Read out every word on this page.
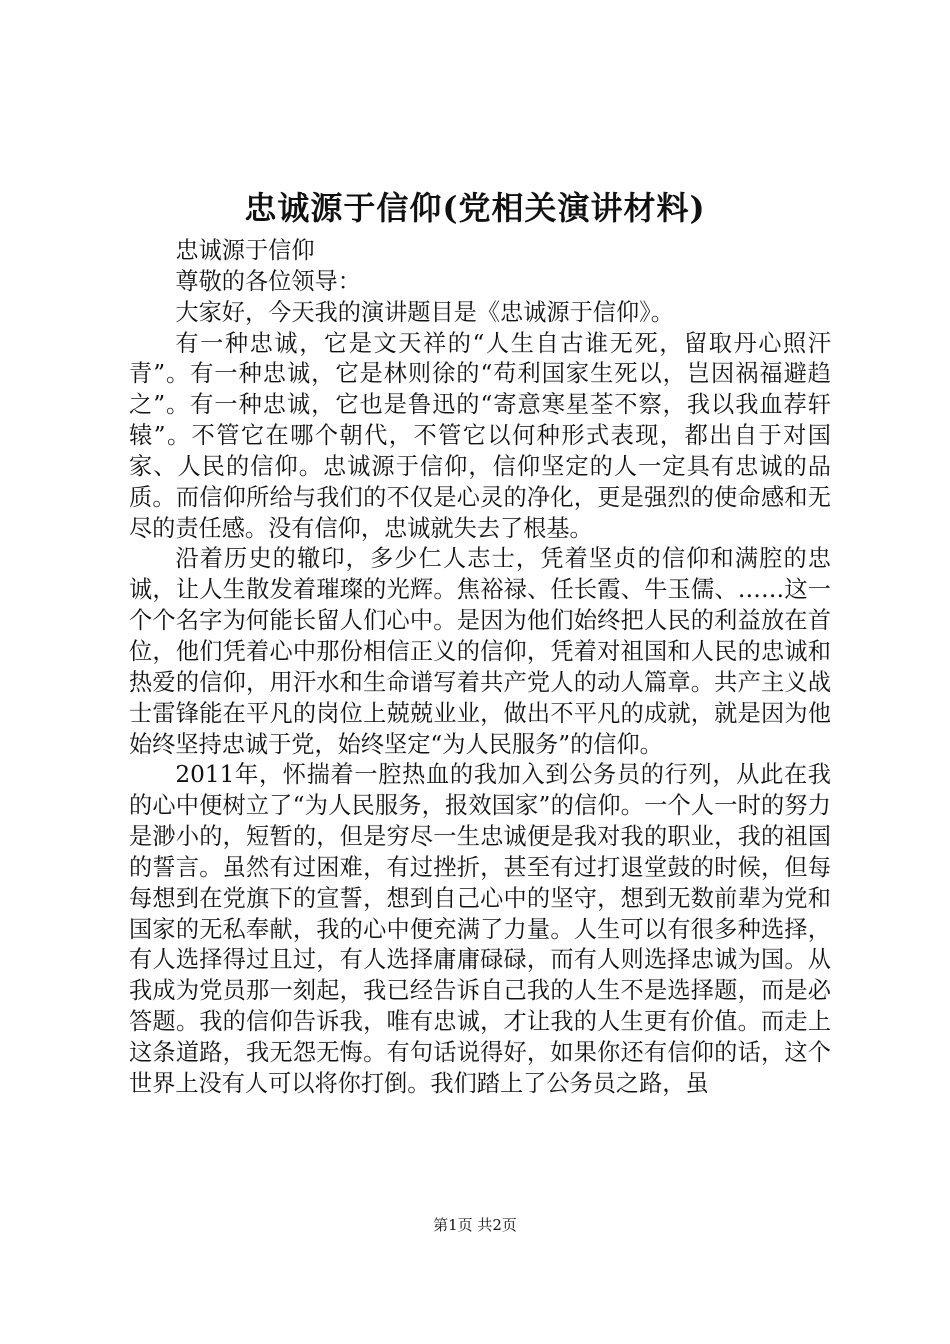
忠诚源于信仰(党相关演讲材料)

忠诚源于信仰

尊敬的各位领导：

大家好，今天我的演讲题目是《忠诚源于信仰》。

有一种忠诚，它是文天祥的“人生自古谁无死，留取丹心照汗青”。有一种忠诚，它是林则徐的“苟利国家生死以，岂因祸福避趋之”。有一种忠诚，它也是鲁迅的“寄意寒星荃不察，我以我血荐轩辕”。不管它在哪个朝代，不管它以何种形式表现，都出自于对国家、人民的信仰。忠诚源于信仰，信仰坚定的人一定具有忠诚的品质。而信仰所给与我们的不仅是心灵的净化，更是强烈的使命感和无尽的责任感。没有信仰，忠诚就失去了根基。

沿着历史的辙印，多少仁人志士，凭着坚贞的信仰和满腔的忠诚，让人生散发着璀璨的光辉。焦裕禄、任长霞、牛玉儒、……这一个个名字为何能长留人们心中。是因为他们始终把人民的利益放在首位，他们凭着心中那份相信正义的信仰，凭着对祖国和人民的忠诚和热爱的信仰，用汗水和生命谱写着共产党人的动人篇章。共产主义战士雷锋能在平凡的岗位上兢兢业业，做出不平凡的成就，就是因为他始终坚持忠诚于党，始终坚定“为人民服务”的信仰。

2011年，怀揣着一腔热血的我加入到公务员的行列，从此在我的心中便树立了“为人民服务，报效国家”的信仰。一个人一时的努力是渺小的，短暂的，但是穷尽一生忠诚便是我对我的职业，我的祖国的誓言。虽然有过困难，有过挫折，甚至有过打退堂鼓的时候，但每每想到在党旗下的宣誓，想到自己心中的坚守，想到无数前辈为党和国家的无私奉献，我的心中便充满了力量。人生可以有很多种选择，有人选择得过且过，有人选择庸庸碌碌，而有人则选择忠诚为国。从我成为党员那一刻起，我已经告诉自己我的人生不是选择题，而是必答题。我的信仰告诉我，唯有忠诚，才让我的人生更有价值。而走上这条道路，我无怨无悔。有句话说得好，如果你还有信仰的话，这个世界上没有人可以将你打倒。我们踏上了公务员之路，虽

第1页 共2页
